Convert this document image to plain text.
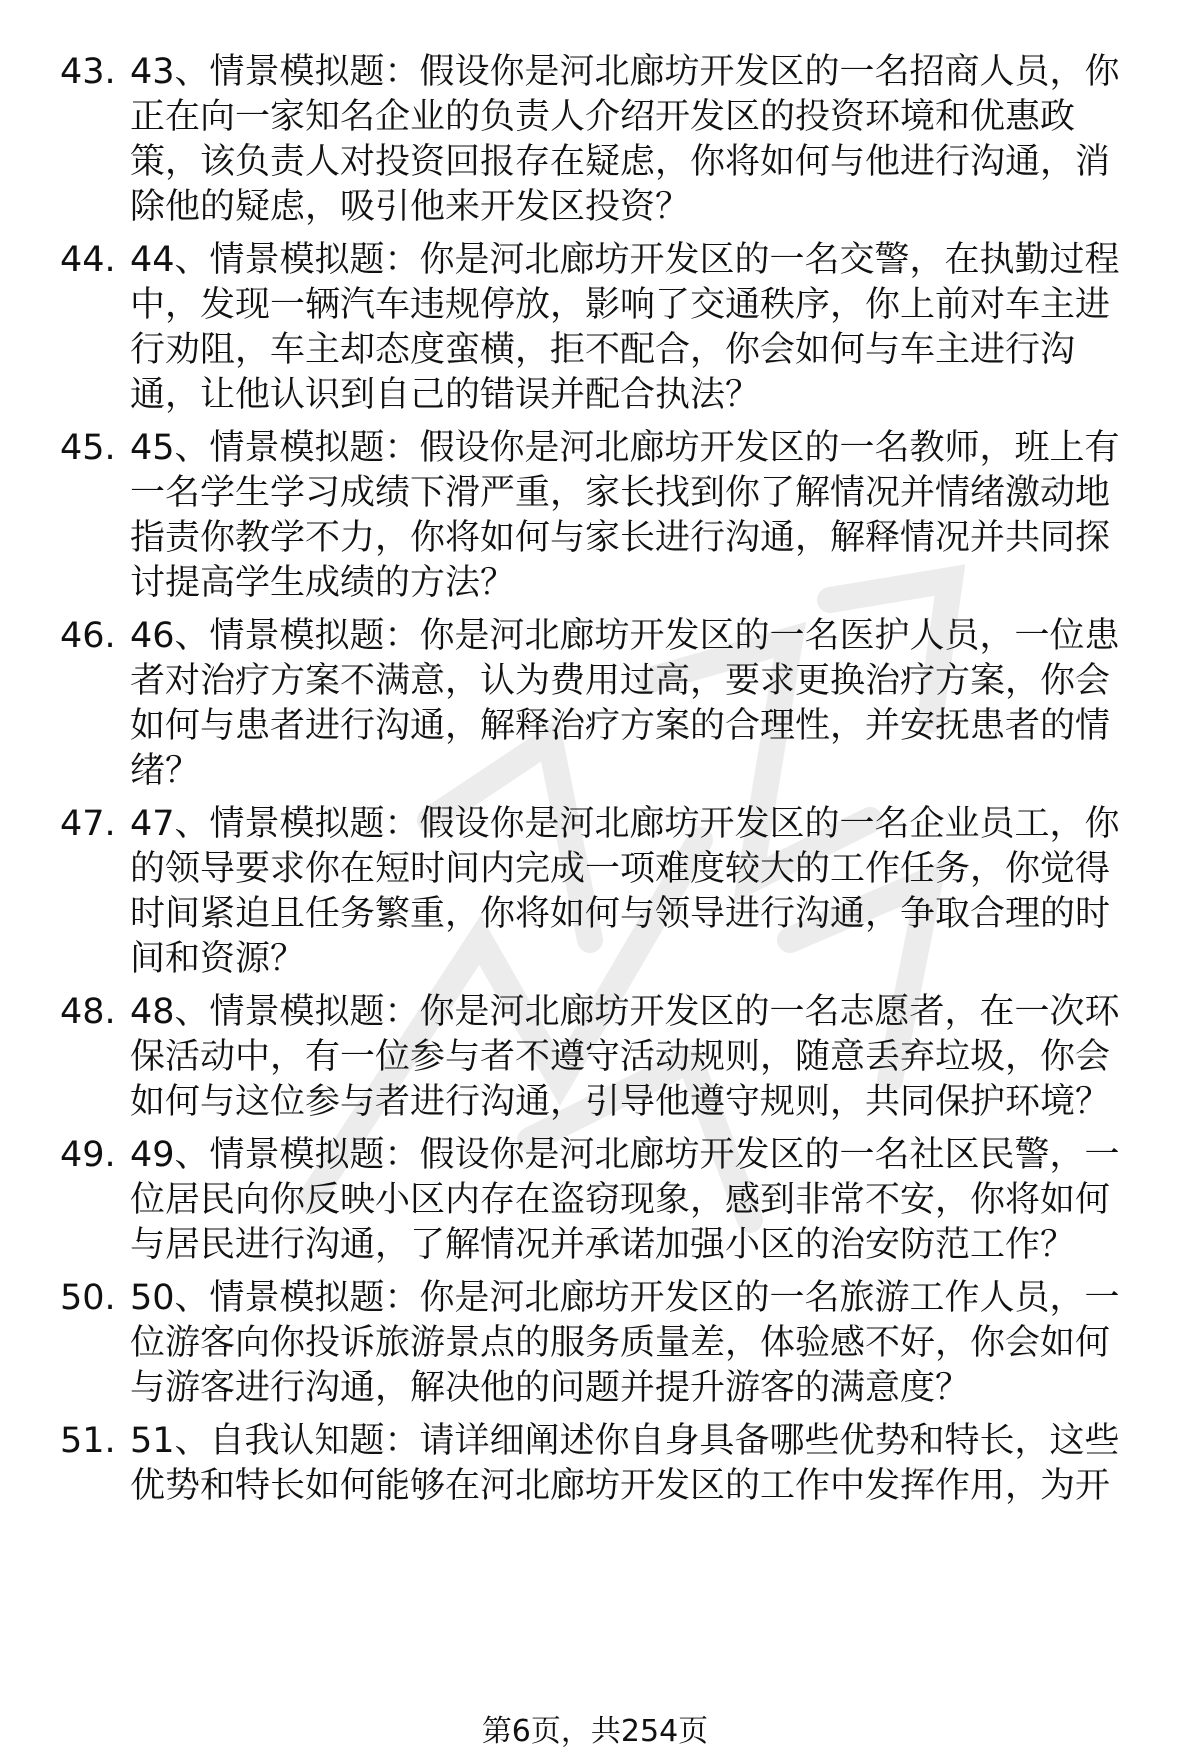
43. 43、情景模拟题：假设你是河北廊坊开发区的一名招商人员，你
正在向一家知名企业的负责人介绍开发区的投资环境和优惠政
策，该负责人对投资回报存在疑虑，你将如何与他进行沟通，消
除他的疑虑，吸引他来开发区投资？
44. 44、情景模拟题：你是河北廊坊开发区的一名交警，在执勤过程
中，发现一辆汽车违规停放，影响了交通秩序，你上前对车主进
行劝阻，车主却态度蛮横，拒不配合，你会如何与车主进行沟
通，让他认识到自己的错误并配合执法？
45. 45、情景模拟题：假设你是河北廊坊开发区的一名教师，班上有
一名学生学习成绩下滑严重，家长找到你了解情况并情绪激动地
指责你教学不力，你将如何与家长进行沟通，解释情况并共同探
讨提高学生成绩的方法？
46. 46、情景模拟题：你是河北廊坊开发区的一名医护人员，一位患
者对治疗方案不满意，认为费用过高，要求更换治疗方案，你会
如何与患者进行沟通，解释治疗方案的合理性，并安抚患者的情
绪？
47. 47、情景模拟题：假设你是河北廊坊开发区的一名企业员工，你
的领导要求你在短时间内完成一项难度较大的工作任务，你觉得
时间紧迫且任务繁重，你将如何与领导进行沟通，争取合理的时
间和资源？
48. 48、情景模拟题：你是河北廊坊开发区的一名志愿者，在一次环
保活动中，有一位参与者不遵守活动规则，随意丢弃垃圾，你会
如何与这位参与者进行沟通，引导他遵守规则，共同保护环境？
49. 49、情景模拟题：假设你是河北廊坊开发区的一名社区民警，一
位居民向你反映小区内存在盗窃现象，感到非常不安，你将如何
与居民进行沟通，了解情况并承诺加强小区的治安防范工作？
50. 50、情景模拟题：你是河北廊坊开发区的一名旅游工作人员，一
位游客向你投诉旅游景点的服务质量差，体验感不好，你会如何
与游客进行沟通，解决他的问题并提升游客的满意度？
51. 51、自我认知题：请详细阐述你自身具备哪些优势和特长，这些
优势和特长如何能够在河北廊坊开发区的工作中发挥作用，为开
第6页，共254页
